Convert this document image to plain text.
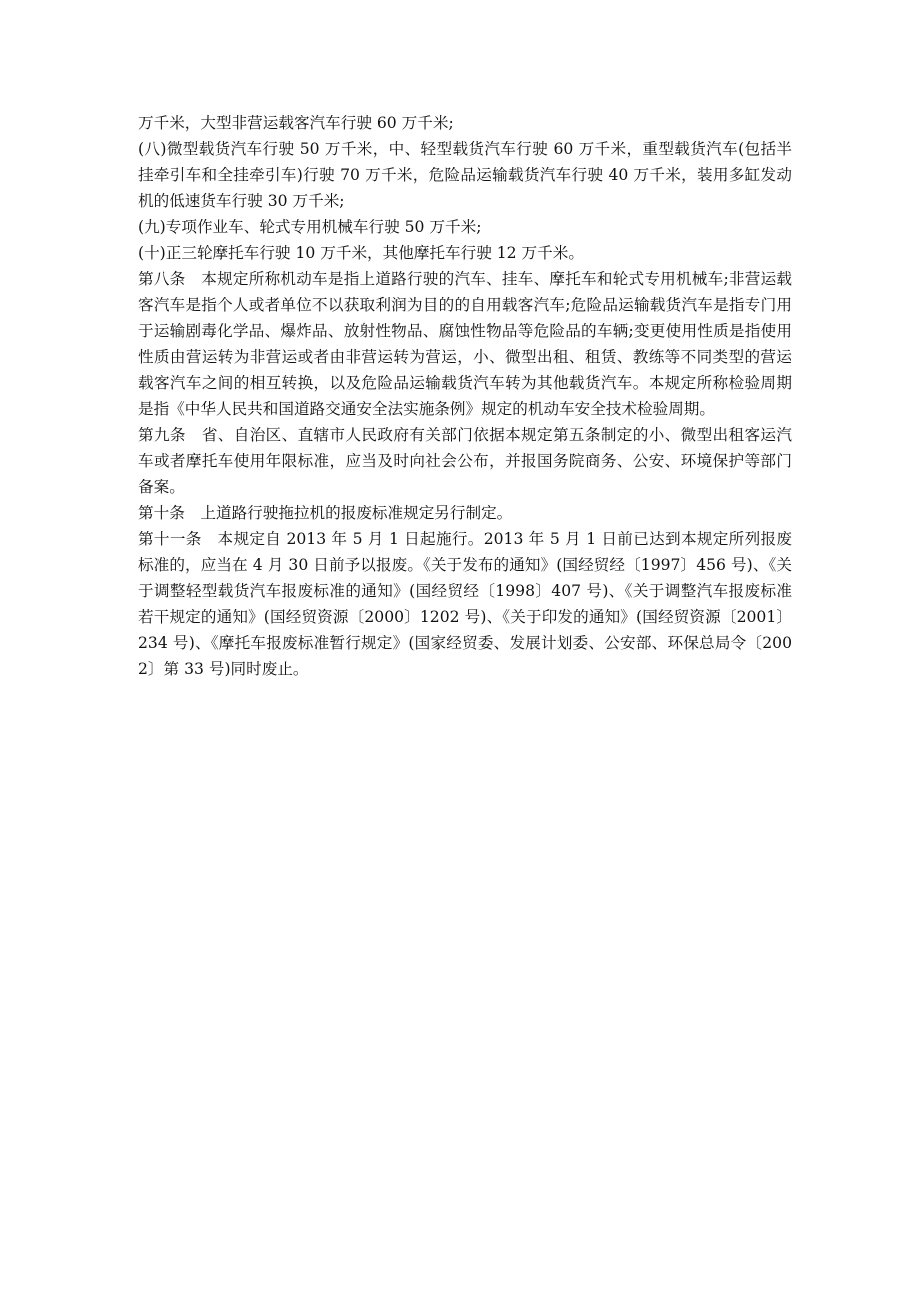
万千米，大型非营运载客汽车行驶 60 万千米;

(八)微型载货汽车行驶 50 万千米，中、轻型载货汽车行驶 60 万千米，重型载货汽车(包括半挂牵引车和全挂牵引车)行驶 70 万千米，危险品运输载货汽车行驶 40 万千米，装用多缸发动机的低速货车行驶 30 万千米;

(九)专项作业车、轮式专用机械车行驶 50 万千米;

(十)正三轮摩托车行驶 10 万千米，其他摩托车行驶 12 万千米。

第八条　本规定所称机动车是指上道路行驶的汽车、挂车、摩托车和轮式专用机械车;非营运载客汽车是指个人或者单位不以获取利润为目的的自用载客汽车;危险品运输载货汽车是指专门用于运输剧毒化学品、爆炸品、放射性物品、腐蚀性物品等危险品的车辆;变更使用性质是指使用性质由营运转为非营运或者由非营运转为营运，小、微型出租、租赁、教练等不同类型的营运载客汽车之间的相互转换，以及危险品运输载货汽车转为其他载货汽车。本规定所称检验周期是指《中华人民共和国道路交通安全法实施条例》规定的机动车安全技术检验周期。

第九条　省、自治区、直辖市人民政府有关部门依据本规定第五条制定的小、微型出租客运汽车或者摩托车使用年限标准，应当及时向社会公布，并报国务院商务、公安、环境保护等部门备案。

第十条　上道路行驶拖拉机的报废标准规定另行制定。

第十一条　本规定自 2013 年 5 月 1 日起施行。2013 年 5 月 1 日前已达到本规定所列报废标准的，应当在 4 月 30 日前予以报废。《关于发布的通知》(国经贸经〔1997〕456 号)、《关于调整轻型载货汽车报废标准的通知》(国经贸经〔1998〕407 号)、《关于调整汽车报废标准若干规定的通知》(国经贸资源〔2000〕1202 号)、《关于印发的通知》(国经贸资源〔2001〕234 号)、《摩托车报废标准暂行规定》(国家经贸委、发展计划委、公安部、环保总局令〔2002〕第 33 号)同时废止。
